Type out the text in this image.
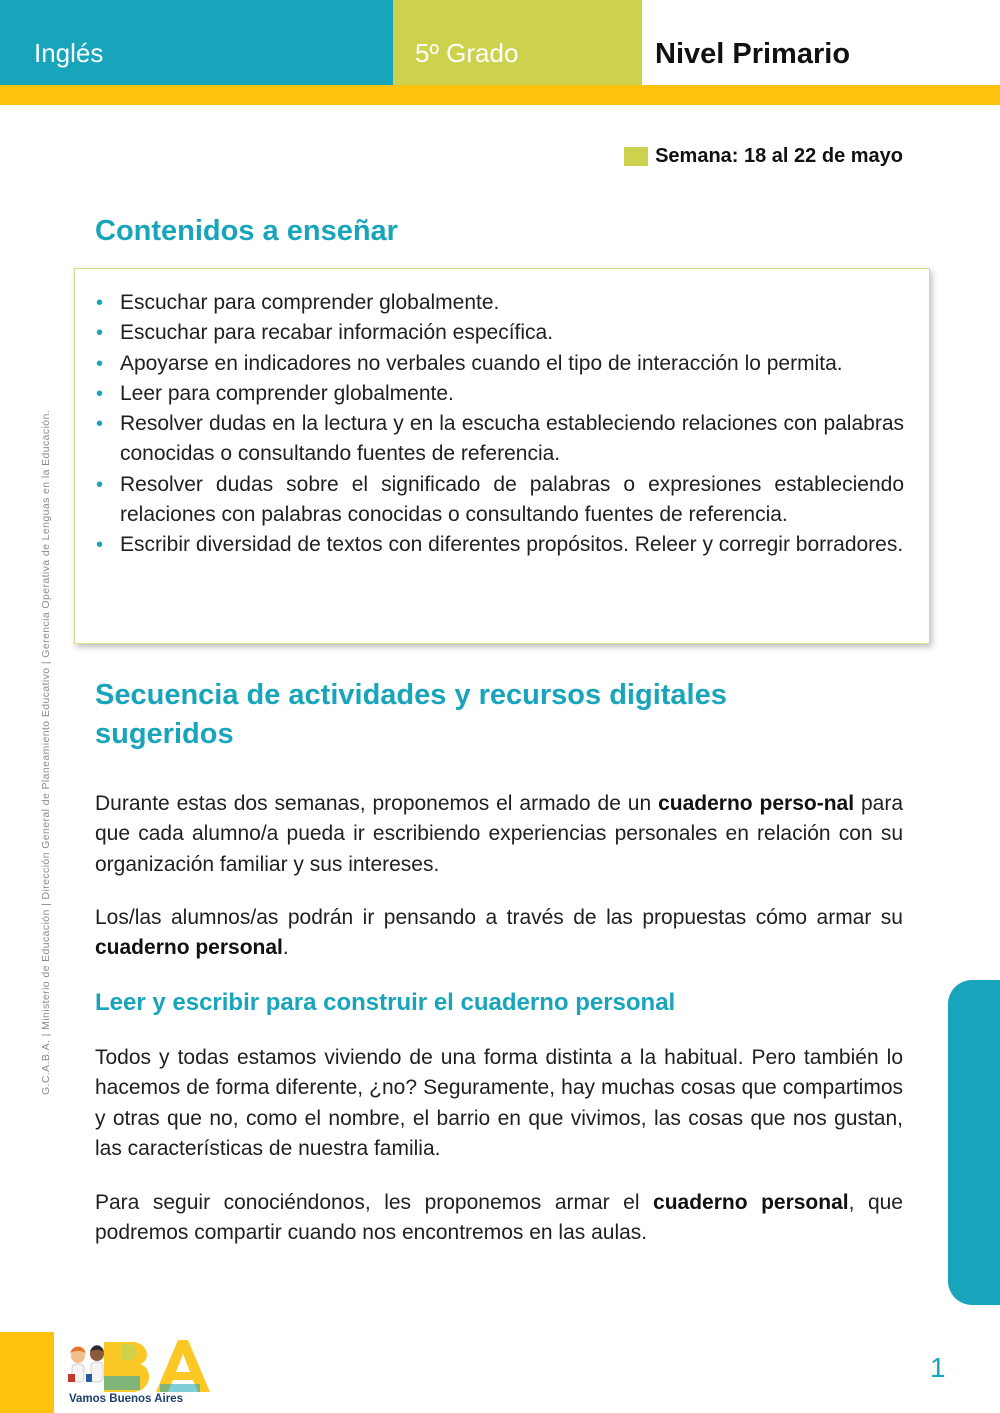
Inglés	5º Grado	Nivel Primario
Semana: 18 al 22 de mayo
Contenidos a enseñar
• Escuchar para comprender globalmente.
• Escuchar para recabar información específica.
• Apoyarse en indicadores no verbales cuando el tipo de interacción lo permita.
• Leer para comprender globalmente.
• Resolver dudas en la lectura y en la escucha estableciendo relaciones con palabras conocidas o consultando fuentes de referencia.
• Resolver dudas sobre el significado de palabras o expresiones estableciendo relaciones con palabras conocidas o consultando fuentes de referencia.
• Escribir diversidad de textos con diferentes propósitos. Releer y corregir borradores.
Secuencia de actividades y recursos digitales
sugeridos

Durante estas dos semanas, proponemos el armado de un cuaderno perso-nal para que cada alumno/a pueda ir escribiendo experiencias personales en relación con su organización familiar y sus intereses.

Los/las alumnos/as podrán ir pensando a través de las propuestas cómo armar su cuaderno personal.

Leer y escribir para construir el cuaderno personal

Todos y todas estamos viviendo de una forma distinta a la habitual. Pero también lo hacemos de forma diferente, ¿no? Seguramente, hay muchas cosas que compartimos y otras que no, como el nombre, el barrio en que vivimos, las cosas que nos gustan, las características de nuestra familia.

Para seguir conociéndonos, les proponemos armar el cuaderno personal, que podremos compartir cuando nos encontremos en las aulas.

G.C.A.B.A. | Ministerio de Educación | Dirección General de Planeamiento Educativo | Gerencia Operativa de Lenguas en la Educación.
Plan de clases semanales
Vamos Buenos Aires
1
